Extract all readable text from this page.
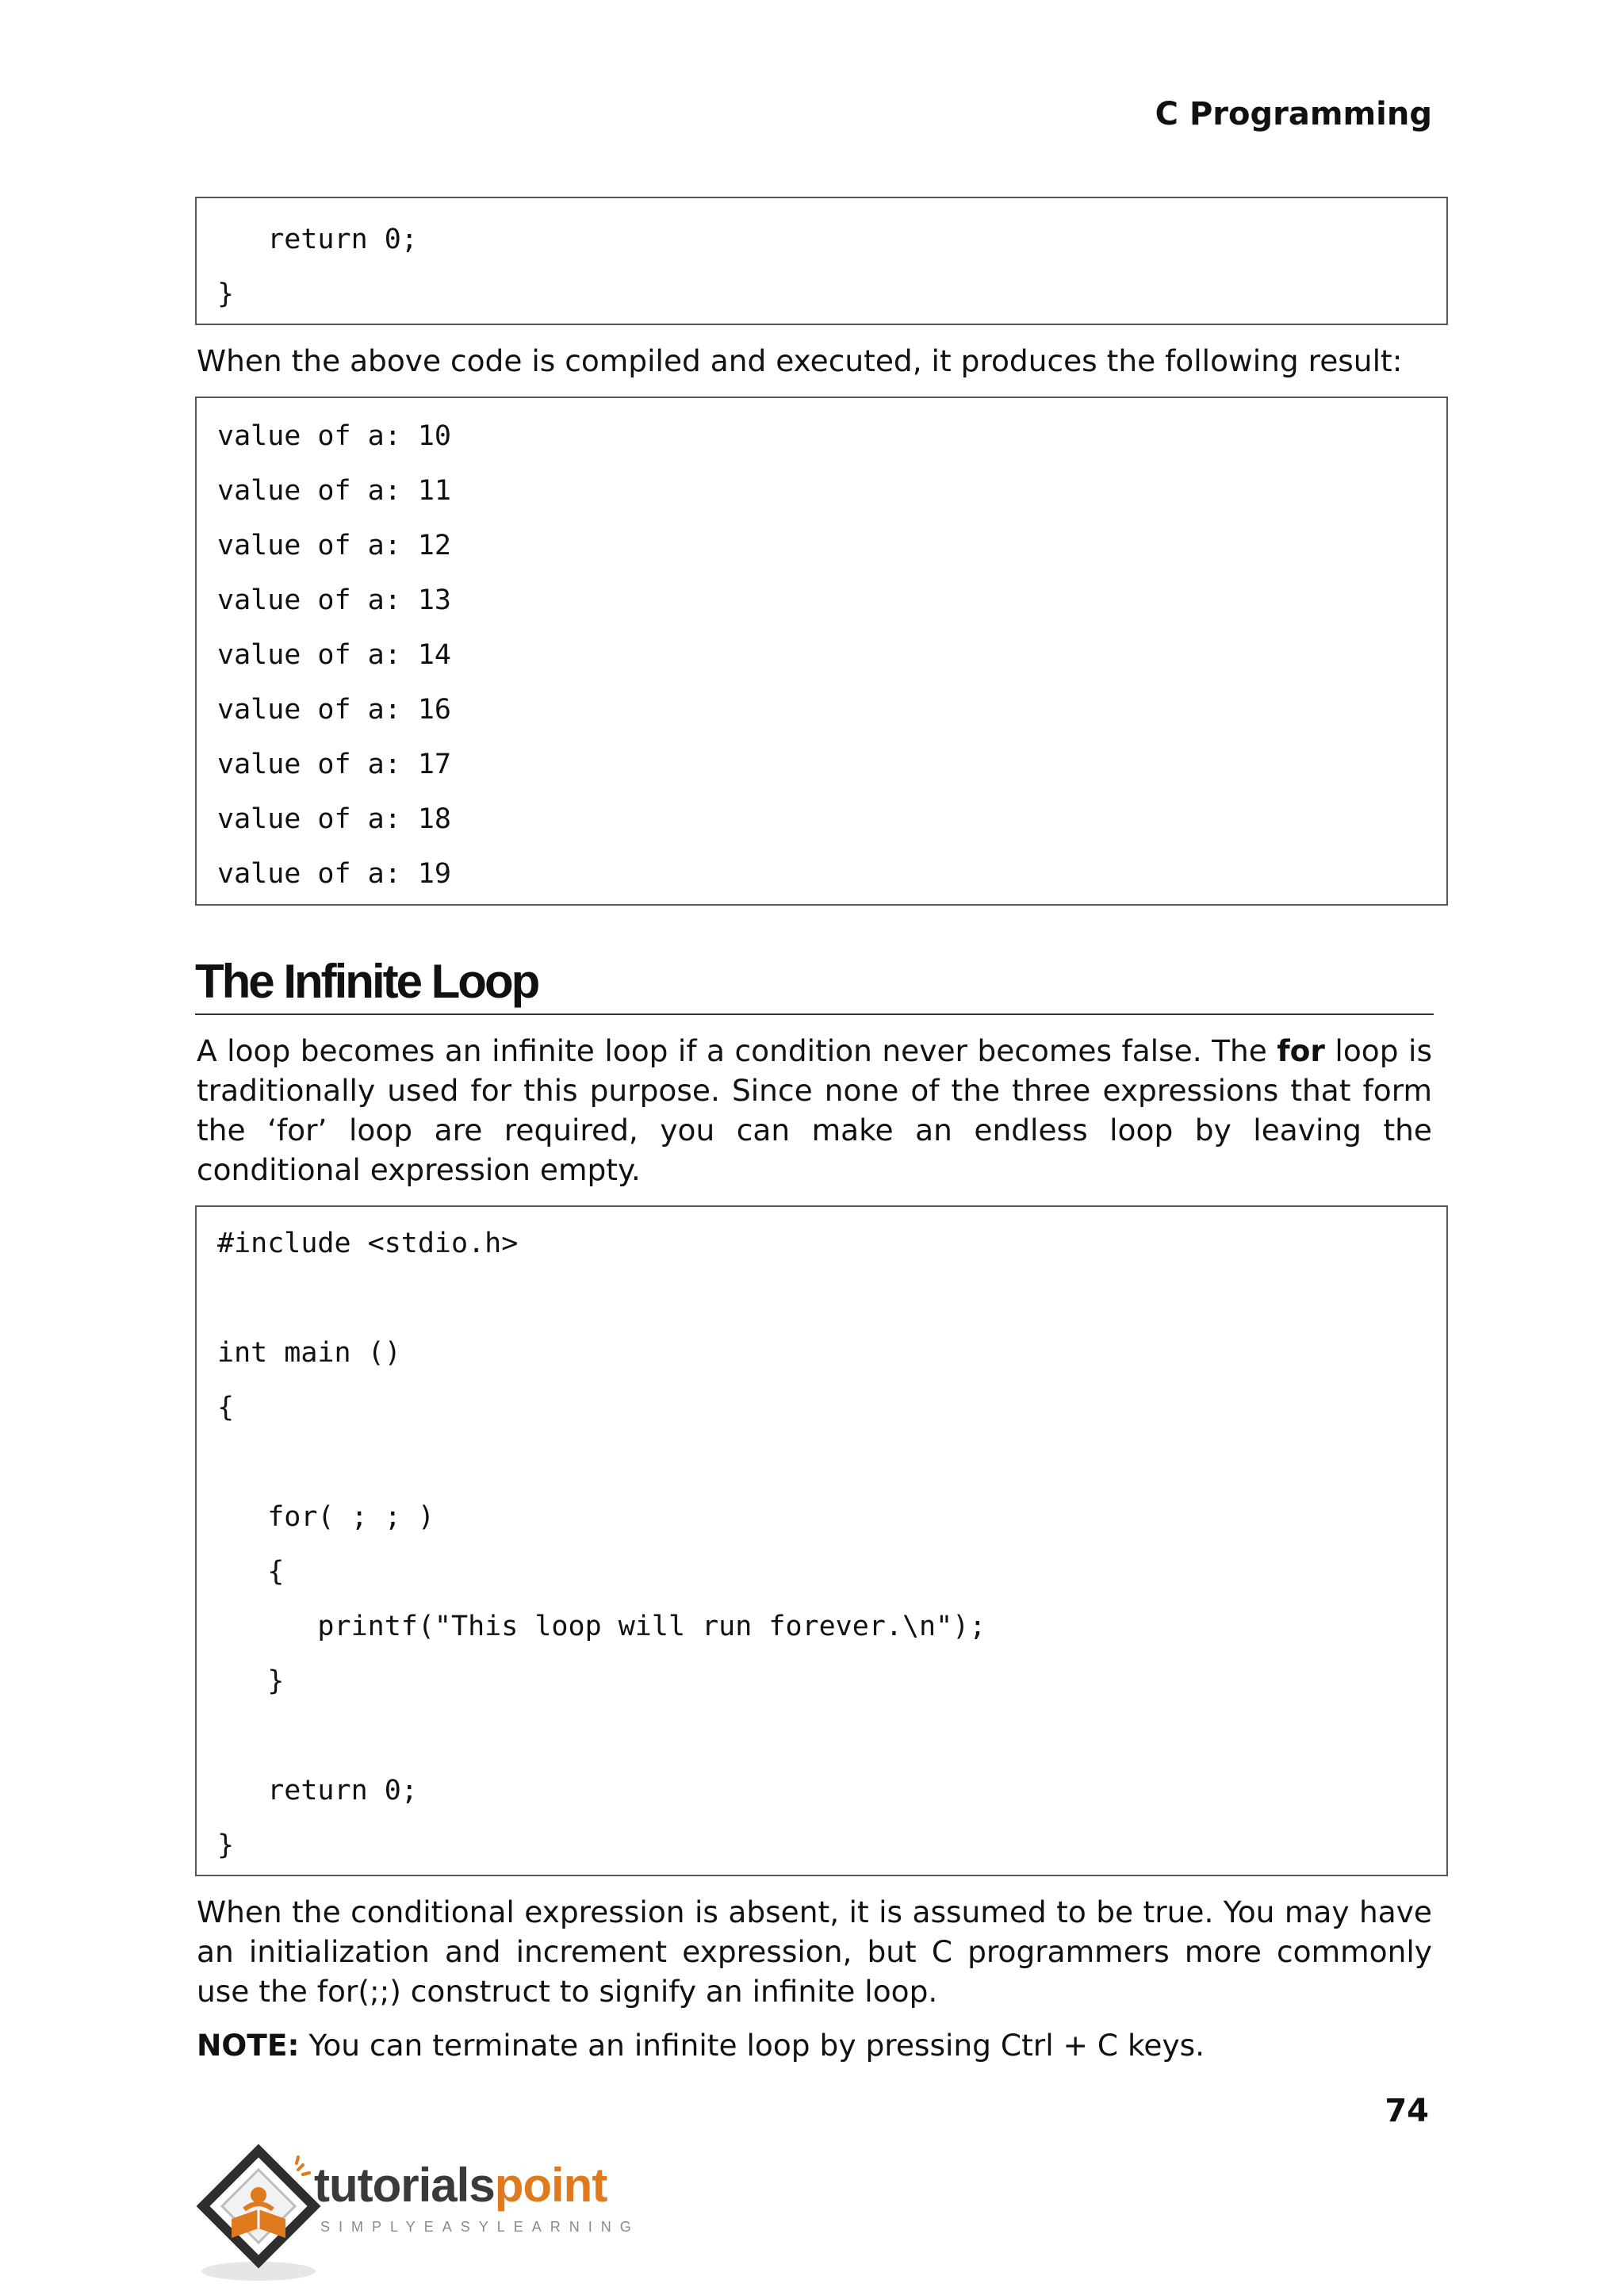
C Programming
return 0;
}
When the above code is compiled and executed, it produces the following result:
value of a: 10
value of a: 11
value of a: 12
value of a: 13
value of a: 14
value of a: 16
value of a: 17
value of a: 18
value of a: 19
The Infinite Loop
A loop becomes an infinite loop if a condition never becomes false. The for loop is traditionally used for this purpose. Since none of the three expressions that form the ‘for’ loop are required, you can make an endless loop by leaving the conditional expression empty.
#include <stdio.h>
int main ()
{
for( ; ; )
{
printf("This loop will run forever.\n");
}
return 0;
}
When the conditional expression is absent, it is assumed to be true. You may have an initialization and increment expression, but C programmers more commonly use the for(;;) construct to signify an infinite loop.
NOTE: You can terminate an infinite loop by pressing Ctrl + C keys.
74
tutorialspoint
SIMPLYEASYLEARNING
